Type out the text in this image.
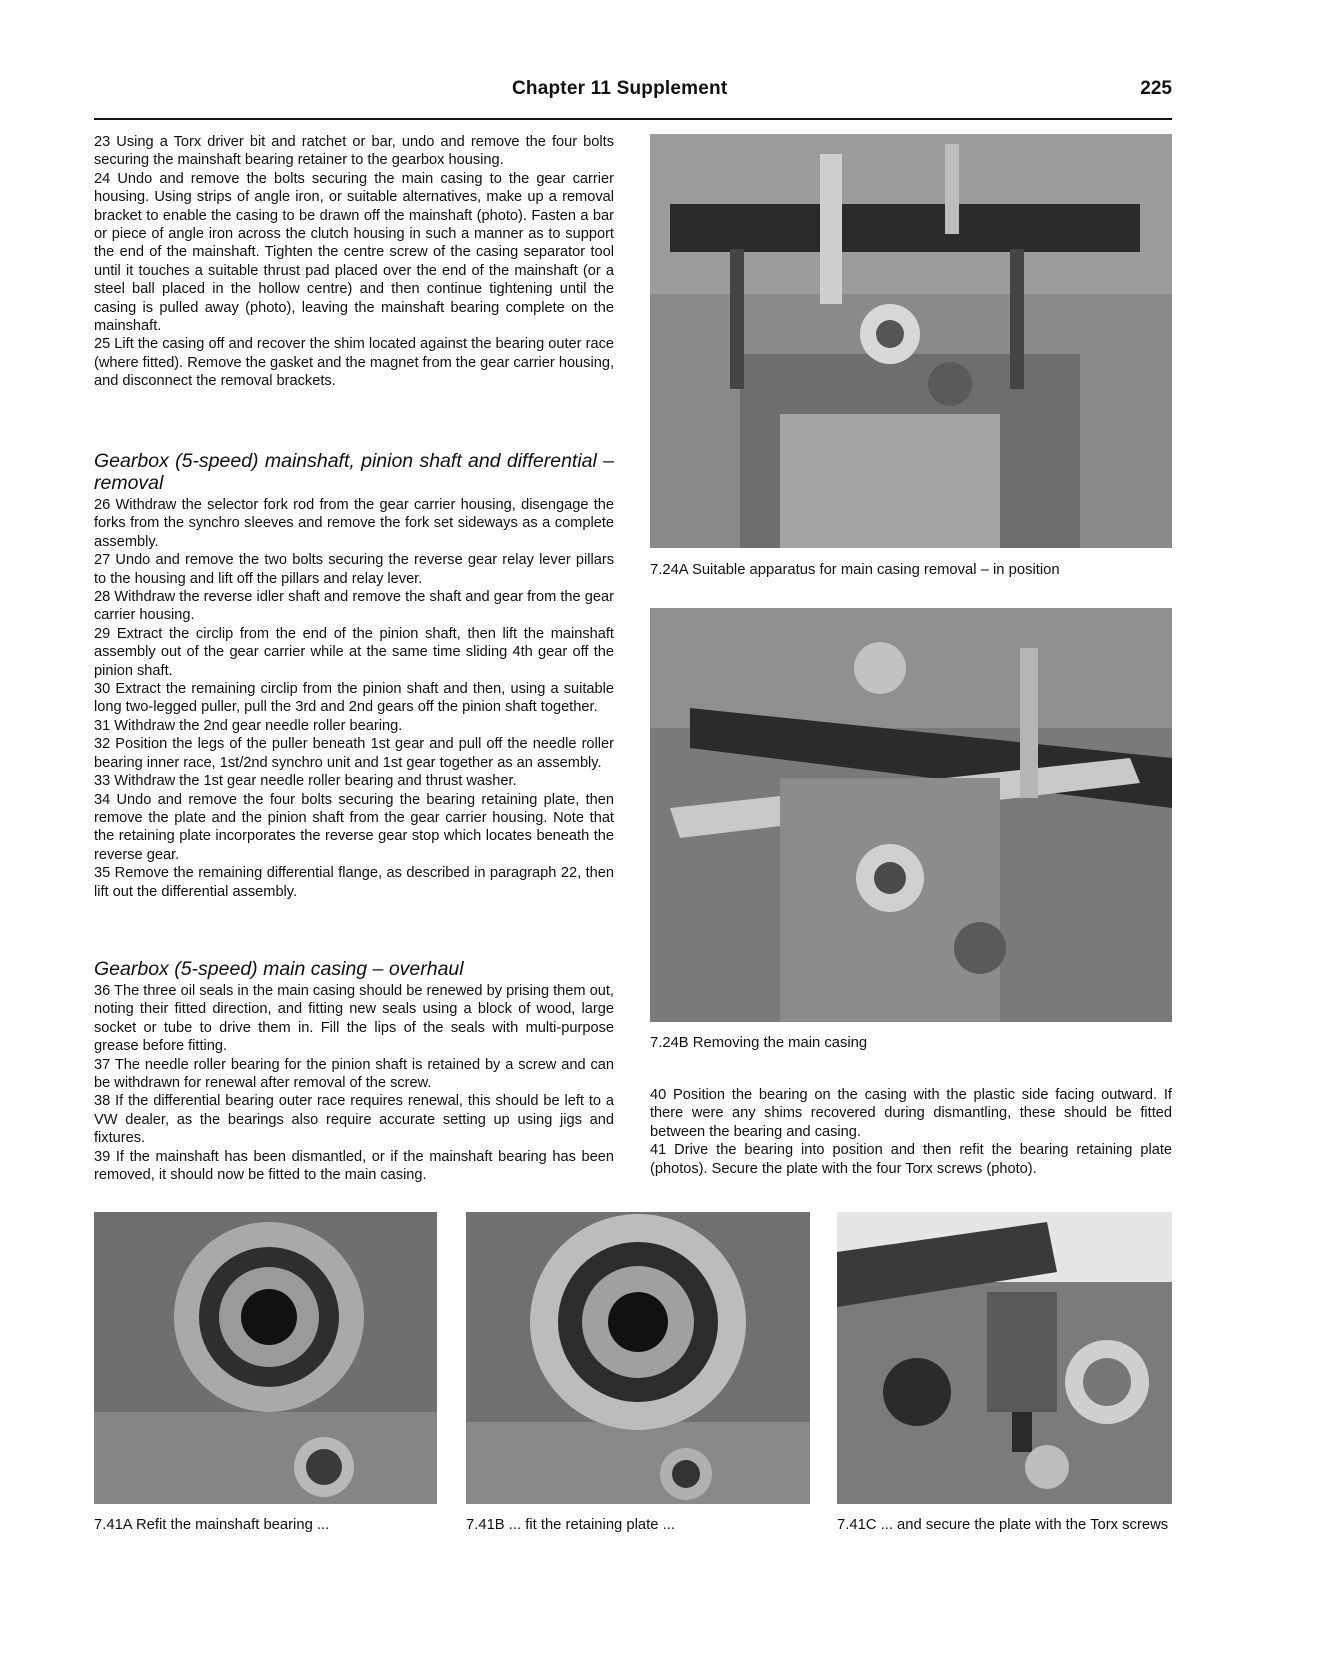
Chapter 11 Supplement	225

23 Using a Torx driver bit and ratchet or bar, undo and remove the four bolts securing the mainshaft bearing retainer to the gearbox housing.

24 Undo and remove the bolts securing the main casing to the gear carrier housing. Using strips of angle iron, or suitable alternatives, make up a removal bracket to enable the casing to be drawn off the mainshaft (photo). Fasten a bar or piece of angle iron across the clutch housing in such a manner as to support the end of the mainshaft. Tighten the centre screw of the casing separator tool until it touches a suitable thrust pad placed over the end of the mainshaft (or a steel ball placed in the hollow centre) and then continue tightening until the casing is pulled away (photo), leaving the mainshaft bearing complete on the mainshaft.

25 Lift the casing off and recover the shim located against the bearing outer race (where fitted). Remove the gasket and the magnet from the gear carrier housing, and disconnect the removal brackets.

Gearbox (5-speed) mainshaft, pinion shaft and differential – removal

26 Withdraw the selector fork rod from the gear carrier housing, disengage the forks from the synchro sleeves and remove the fork set sideways as a complete assembly.

27 Undo and remove the two bolts securing the reverse gear relay lever pillars to the housing and lift off the pillars and relay lever.

28 Withdraw the reverse idler shaft and remove the shaft and gear from the gear carrier housing.

29 Extract the circlip from the end of the pinion shaft, then lift the mainshaft assembly out of the gear carrier while at the same time sliding 4th gear off the pinion shaft.

30 Extract the remaining circlip from the pinion shaft and then, using a suitable long two-legged puller, pull the 3rd and 2nd gears off the pinion shaft together.

31 Withdraw the 2nd gear needle roller bearing.

32 Position the legs of the puller beneath 1st gear and pull off the needle roller bearing inner race, 1st/2nd synchro unit and 1st gear together as an assembly.

33 Withdraw the 1st gear needle roller bearing and thrust washer.

34 Undo and remove the four bolts securing the bearing retaining plate, then remove the plate and the pinion shaft from the gear carrier housing. Note that the retaining plate incorporates the reverse gear stop which locates beneath the reverse gear.

35 Remove the remaining differential flange, as described in paragraph 22, then lift out the differential assembly.

Gearbox (5-speed) main casing – overhaul

36 The three oil seals in the main casing should be renewed by prising them out, noting their fitted direction, and fitting new seals using a block of wood, large socket or tube to drive them in. Fill the lips of the seals with multi-purpose grease before fitting.

37 The needle roller bearing for the pinion shaft is retained by a screw and can be withdrawn for renewal after removal of the screw.

38 If the differential bearing outer race requires renewal, this should be left to a VW dealer, as the bearings also require accurate setting up using jigs and fixtures.

39 If the mainshaft has been dismantled, or if the mainshaft bearing has been removed, it should now be fitted to the main casing.

7.24A Suitable apparatus for main casing removal – in position
7.24B Removing the main casing

40 Position the bearing on the casing with the plastic side facing outward. If there were any shims recovered during dismantling, these should be fitted between the bearing and casing.

41 Drive the bearing into position and then refit the bearing retaining plate (photos). Secure the plate with the four Torx screws (photo).

7.41A Refit the mainshaft bearing ...	7.41B ... fit the retaining plate ...	7.41C ... and secure the plate with the Torx screws
